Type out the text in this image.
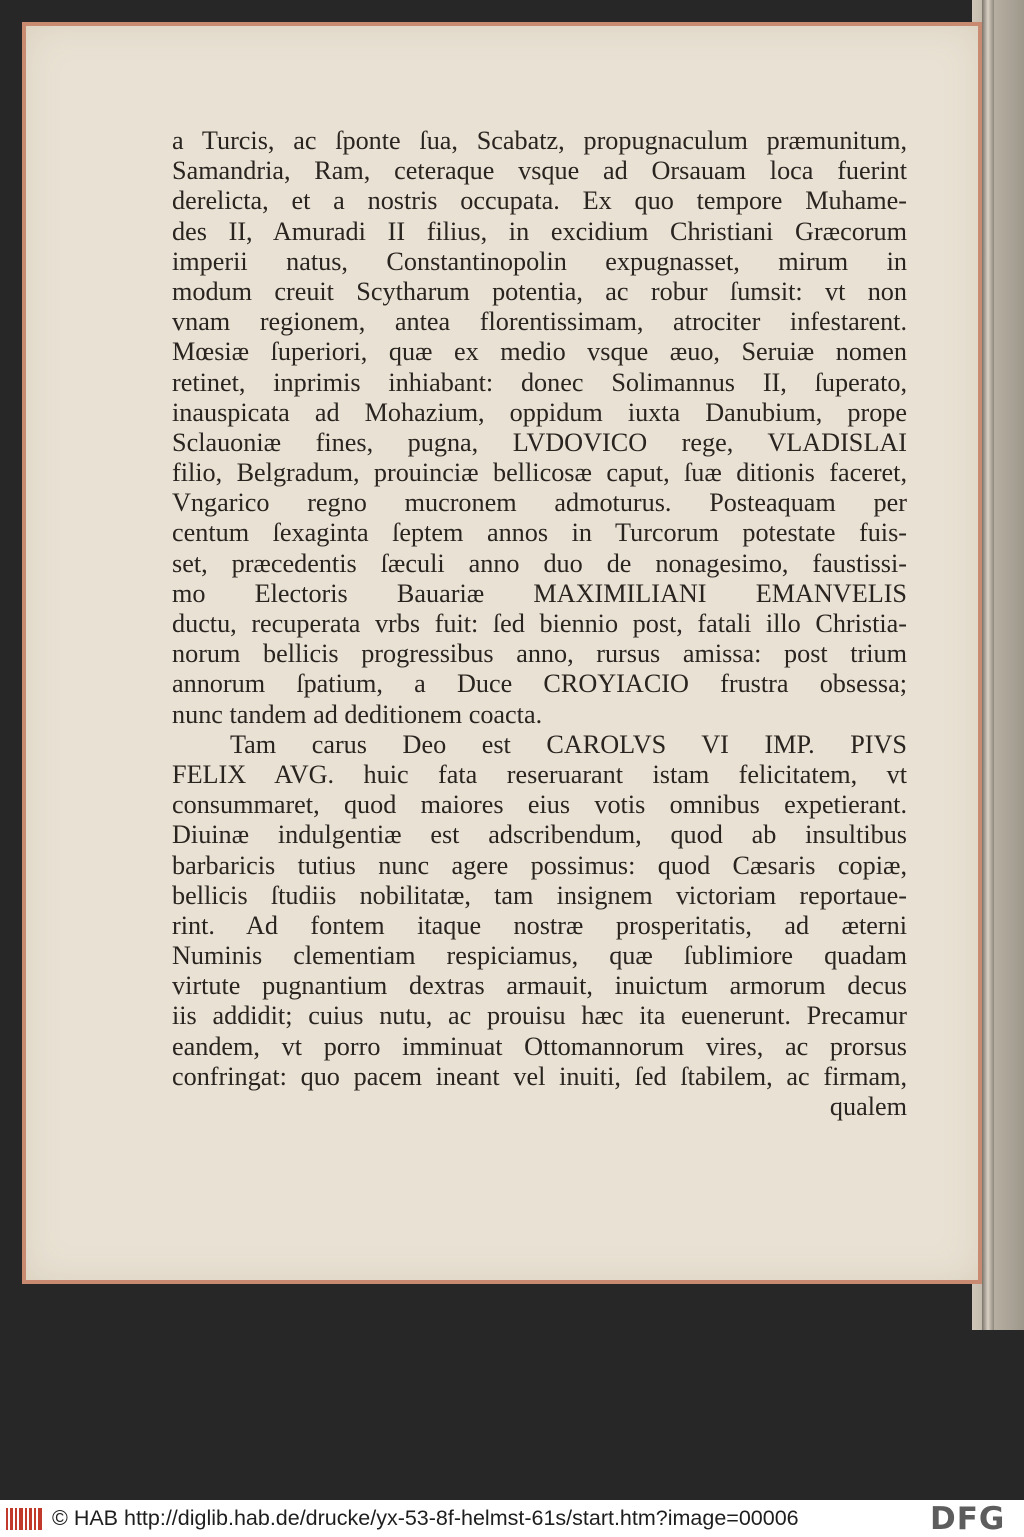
a Turcis, ac ſponte ſua, Scabatz, propugnaculum præmunitum,
Samandria, Ram, ceteraque vsque ad Orsauam loca fuerint
derelicta, et a nostris occupata. Ex quo tempore Muhame-
des II, Amuradi II filius, in excidium Christiani Græcorum
imperii natus, Constantinopolin expugnasset, mirum in
modum creuit Scytharum potentia, ac robur ſumsit: vt non
vnam regionem, antea florentissimam, atrociter infestarent.
Mœsiæ ſuperiori, quæ ex medio vsque æuo, Seruiæ nomen
retinet, inprimis inhiabant: donec Solimannus II, ſuperato,
inauspicata ad Mohazium, oppidum iuxta Danubium, prope
Sclauoniæ fines, pugna, LVDOVICO rege, VLADISLAI
filio, Belgradum, prouinciæ bellicosæ caput, ſuæ ditionis faceret,
Vngarico regno mucronem admoturus. Posteaquam per
centum ſexaginta ſeptem annos in Turcorum potestate fuis-
set, præcedentis ſæculi anno duo de nonagesimo, faustissi-
mo Electoris Bauariæ MAXIMILIANI EMANVELIS
ductu, recuperata vrbs fuit: ſed biennio post, fatali illo Christia-
norum bellicis progressibus anno, rursus amissa: post trium
annorum ſpatium, a Duce CROYIACIO frustra obsessa;
nunc tandem ad deditionem coacta.
Tam carus Deo est CAROLVS VI IMP. PIVS
FELIX AVG. huic fata reseruarant istam felicitatem, vt
consummaret, quod maiores eius votis omnibus expetierant.
Diuinæ indulgentiæ est adscribendum, quod ab insultibus
barbaricis tutius nunc agere possimus: quod Cæsaris copiæ,
bellicis ſtudiis nobilitatæ, tam insignem victoriam reportaue-
rint. Ad fontem itaque nostræ prosperitatis, ad æterni
Numinis clementiam respiciamus, quæ ſublimiore quadam
virtute pugnantium dextras armauit, inuictum armorum decus
iis addidit; cuius nutu, ac prouisu hæc ita euenerunt. Precamur
eandem, vt porro imminuat Ottomannorum vires, ac prorsus
confringat: quo pacem ineant vel inuiti, ſed ſtabilem, ac firmam,
qualem
© HAB http://diglib.hab.de/drucke/yx-53-8f-helmst-61s/start.htm?image=00006	DFG
